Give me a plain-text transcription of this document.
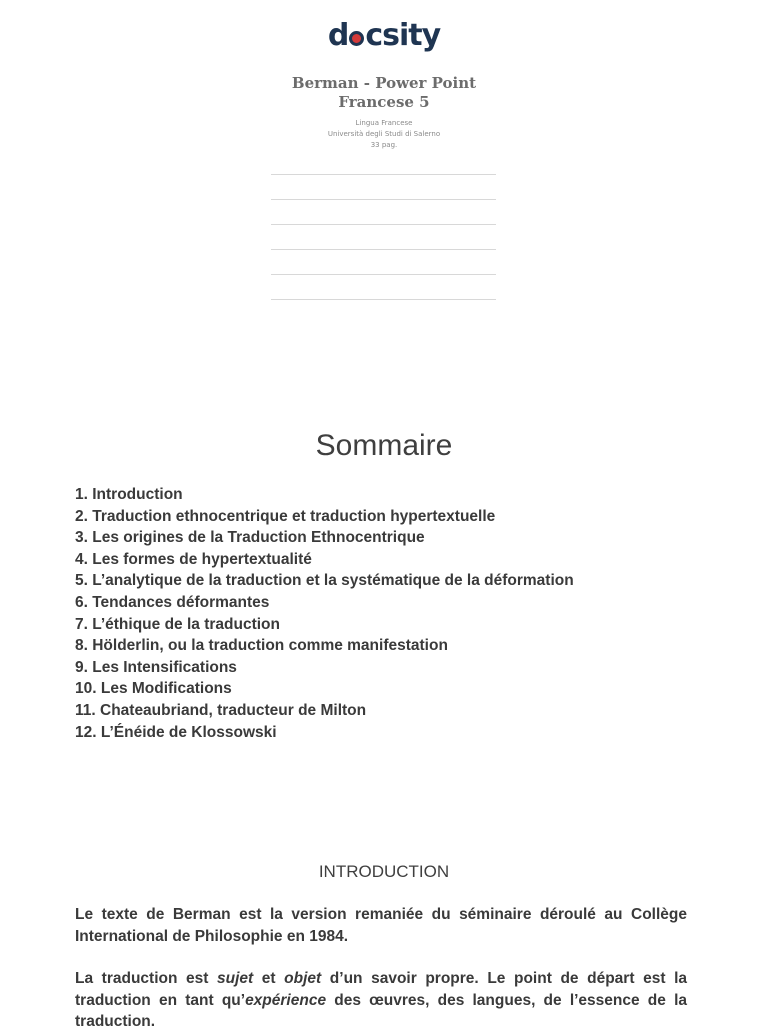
d csity
Berman - Power Point
Francese 5
Lingua Francese
Università degli Studi di Salerno
33 pag.
Sommaire
1. Introduction
2. Traduction ethnocentrique et traduction hypertextuelle
3. Les origines de la Traduction Ethnocentrique
4. Les formes de hypertextualité
5. L’analytique de la traduction et la systématique de la déformation
6. Tendances déformantes
7. L’éthique de la traduction
8. Hölderlin, ou la traduction comme manifestation
9. Les Intensifications
10. Les Modifications
11. Chateaubriand, traducteur de Milton
12. L’Énéide de Klossowski
INTRODUCTION
Le texte de Berman est la version remaniée du séminaire déroulé au Collège International de Philosophie en 1984.
La traduction est sujet et objet d’un savoir propre. Le point de départ est la traduction en tant qu’expérience des œuvres, des langues, de l’essence de la traduction.
